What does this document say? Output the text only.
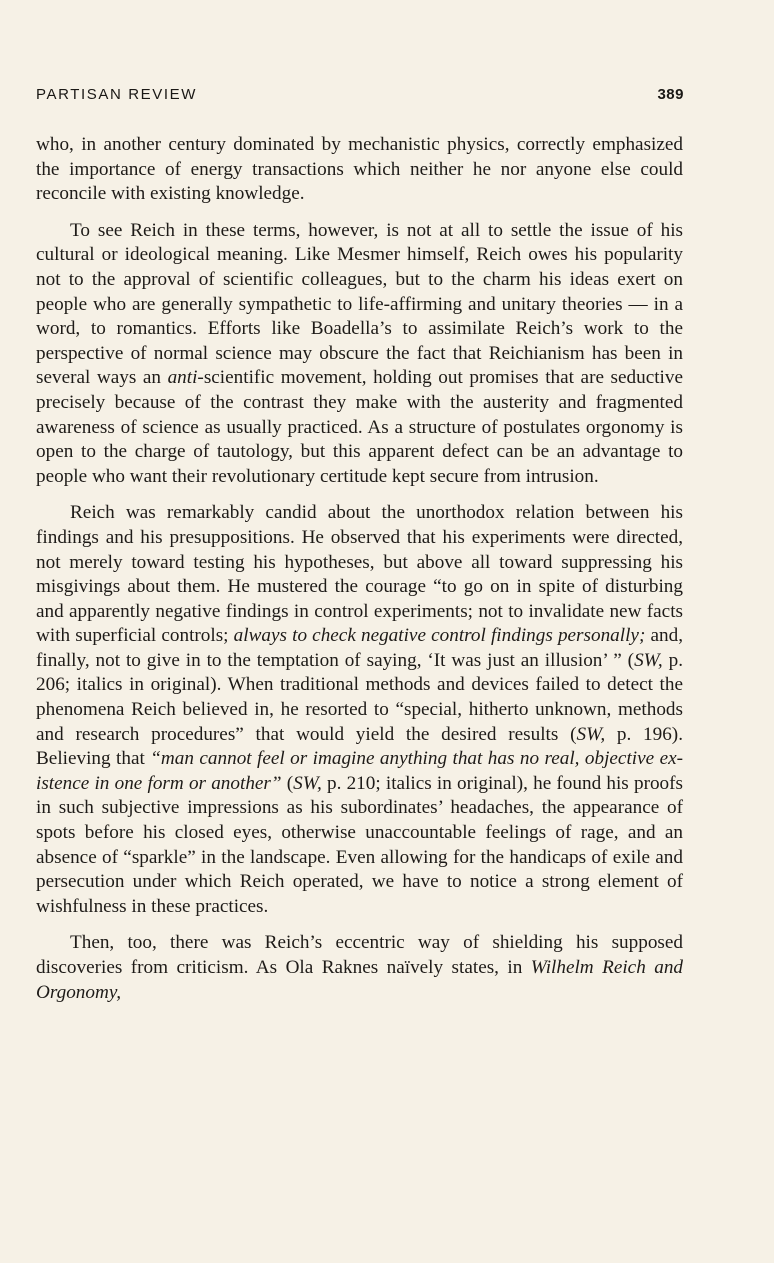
PARTISAN REVIEW	389

who, in another century dominated by mechanistic physics, correctly emphasized the importance of energy transactions which neither he nor anyone else could reconcile with existing knowledge.

To see Reich in these terms, however, is not at all to settle the issue of his cultural or ideological meaning. Like Mesmer himself, Reich owes his popularity not to the approval of scientific colleagues, but to the charm his ideas exert on people who are generally sympathetic to life-affirming and unitary theories — in a word, to romantics. Efforts like Boadella’s to assimilate Reich’s work to the perspective of normal science may obscure the fact that Reichianism has been in several ways an anti-scientific movement, holding out promises that are seductive precisely because of the contrast they make with the austerity and fragmented awareness of science as usually practiced. As a structure of postulates orgonomy is open to the charge of tautology, but this apparent defect can be an advantage to people who want their revolutionary certitude kept secure from intrusion.

Reich was remarkably candid about the unorthodox relation between his findings and his presuppositions. He observed that his experiments were directed, not merely toward testing his hypotheses, but above all toward suppressing his misgivings about them. He mustered the courage “to go on in spite of disturbing and apparently negative findings in control experiments; not to invalidate new facts with superficial controls; always to check negative control findings personally; and, finally, not to give in to the temptation of saying, ‘It was just an illusion’ ” (SW, p. 206; italics in original). When traditional methods and devices failed to detect the phenomena Reich believed in, he resorted to “special, hitherto unknown, methods and research procedures” that would yield the desired results (SW, p. 196). Believing that “man cannot feel or imagine anything that has no real, objective existence in one form or another” (SW, p. 210; italics in original), he found his proofs in such subjective impressions as his subordinates’ headaches, the appearance of spots before his closed eyes, otherwise unaccountable feelings of rage, and an absence of “sparkle” in the landscape. Even allowing for the handicaps of exile and persecution under which Reich operated, we have to notice a strong element of wishfulness in these practices.

Then, too, there was Reich’s eccentric way of shielding his supposed discoveries from criticism. As Ola Raknes naïvely states, in Wilhelm Reich and Orgonomy,
